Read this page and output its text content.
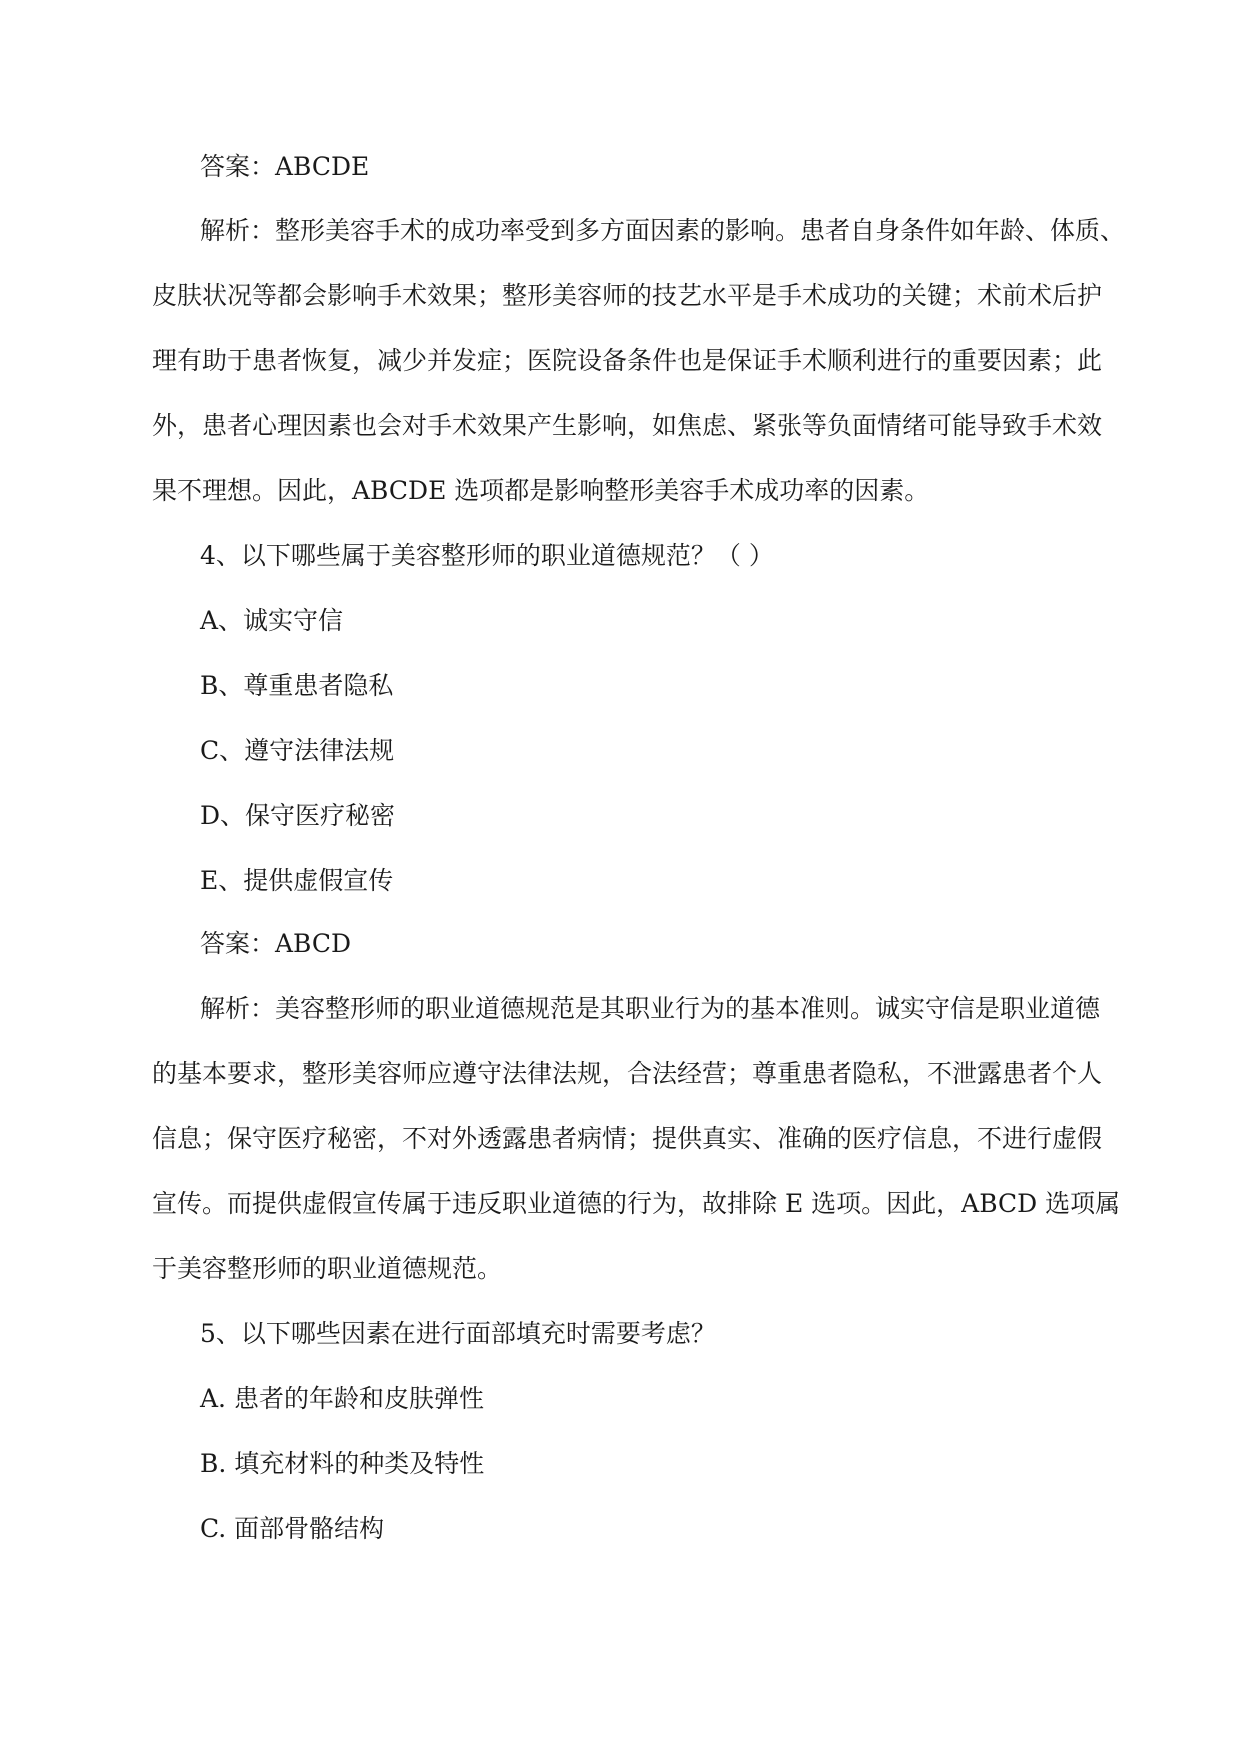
答案：ABCDE

解析：整形美容手术的成功率受到多方面因素的影响。患者自身条件如年龄、体质、

皮肤状况等都会影响手术效果；整形美容师的技艺水平是手术成功的关键；术前术后护

理有助于患者恢复，减少并发症；医院设备条件也是保证手术顺利进行的重要因素；此

外，患者心理因素也会对手术效果产生影响，如焦虑、紧张等负面情绪可能导致手术效

果不理想。因此，ABCDE 选项都是影响整形美容手术成功率的因素。

4、以下哪些属于美容整形师的职业道德规范？（ ）

A、诚实守信

B、尊重患者隐私

C、遵守法律法规

D、保守医疗秘密

E、提供虚假宣传

答案：ABCD

解析：美容整形师的职业道德规范是其职业行为的基本准则。诚实守信是职业道德

的基本要求，整形美容师应遵守法律法规，合法经营；尊重患者隐私，不泄露患者个人

信息；保守医疗秘密，不对外透露患者病情；提供真实、准确的医疗信息，不进行虚假

宣传。而提供虚假宣传属于违反职业道德的行为，故排除 E 选项。因此，ABCD 选项属

于美容整形师的职业道德规范。

5、以下哪些因素在进行面部填充时需要考虑？

A. 患者的年龄和皮肤弹性

B. 填充材料的种类及特性

C. 面部骨骼结构
